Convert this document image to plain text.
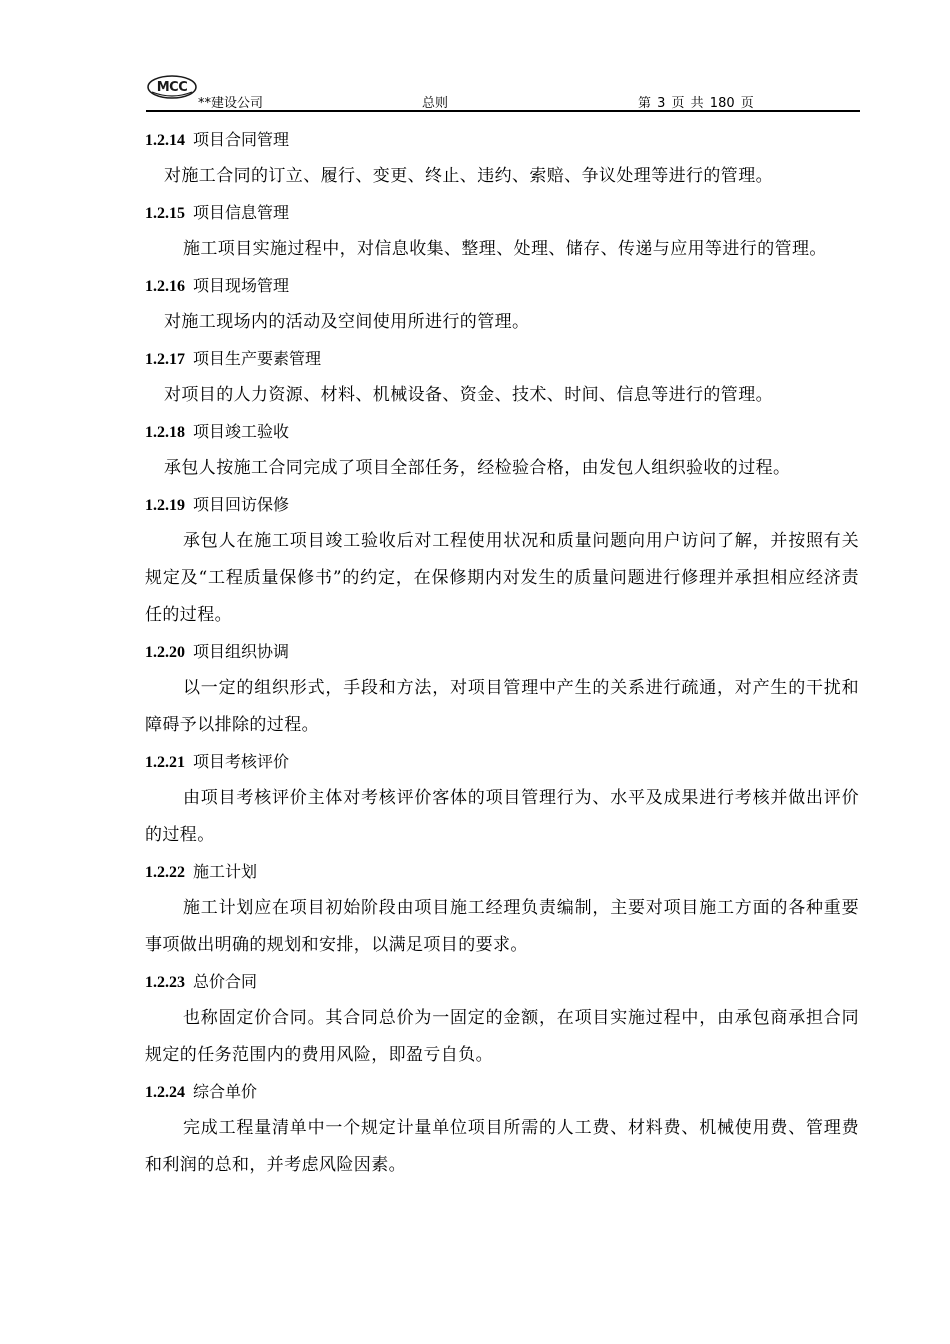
MCC
**建设公司	总则	第 3 页 共 180 页
1.2.14 项目合同管理

对施工合同的订立、履行、变更、终止、违约、索赔、争议处理等进行的管理。

1.2.15 项目信息管理

施工项目实施过程中，对信息收集、整理、处理、储存、传递与应用等进行的管理。

1.2.16 项目现场管理

对施工现场内的活动及空间使用所进行的管理。

1.2.17 项目生产要素管理

对项目的人力资源、材料、机械设备、资金、技术、时间、信息等进行的管理。

1.2.18 项目竣工验收

承包人按施工合同完成了项目全部任务，经检验合格，由发包人组织验收的过程。

1.2.19 项目回访保修

承包人在施工项目竣工验收后对工程使用状况和质量问题向用户访问了解，并按照有关规定及“工程质量保修书”的约定，在保修期内对发生的质量问题进行修理并承担相应经济责任的过程。

1.2.20 项目组织协调

以一定的组织形式，手段和方法，对项目管理中产生的关系进行疏通，对产生的干扰和障碍予以排除的过程。

1.2.21 项目考核评价

由项目考核评价主体对考核评价客体的项目管理行为、水平及成果进行考核并做出评价的过程。

1.2.22 施工计划

施工计划应在项目初始阶段由项目施工经理负责编制，主要对项目施工方面的各种重要事项做出明确的规划和安排，以满足项目的要求。

1.2.23 总价合同

也称固定价合同。其合同总价为一固定的金额，在项目实施过程中，由承包商承担合同规定的任务范围内的费用风险，即盈亏自负。

1.2.24 综合单价

完成工程量清单中一个规定计量单位项目所需的人工费、材料费、机械使用费、管理费和利润的总和，并考虑风险因素。
